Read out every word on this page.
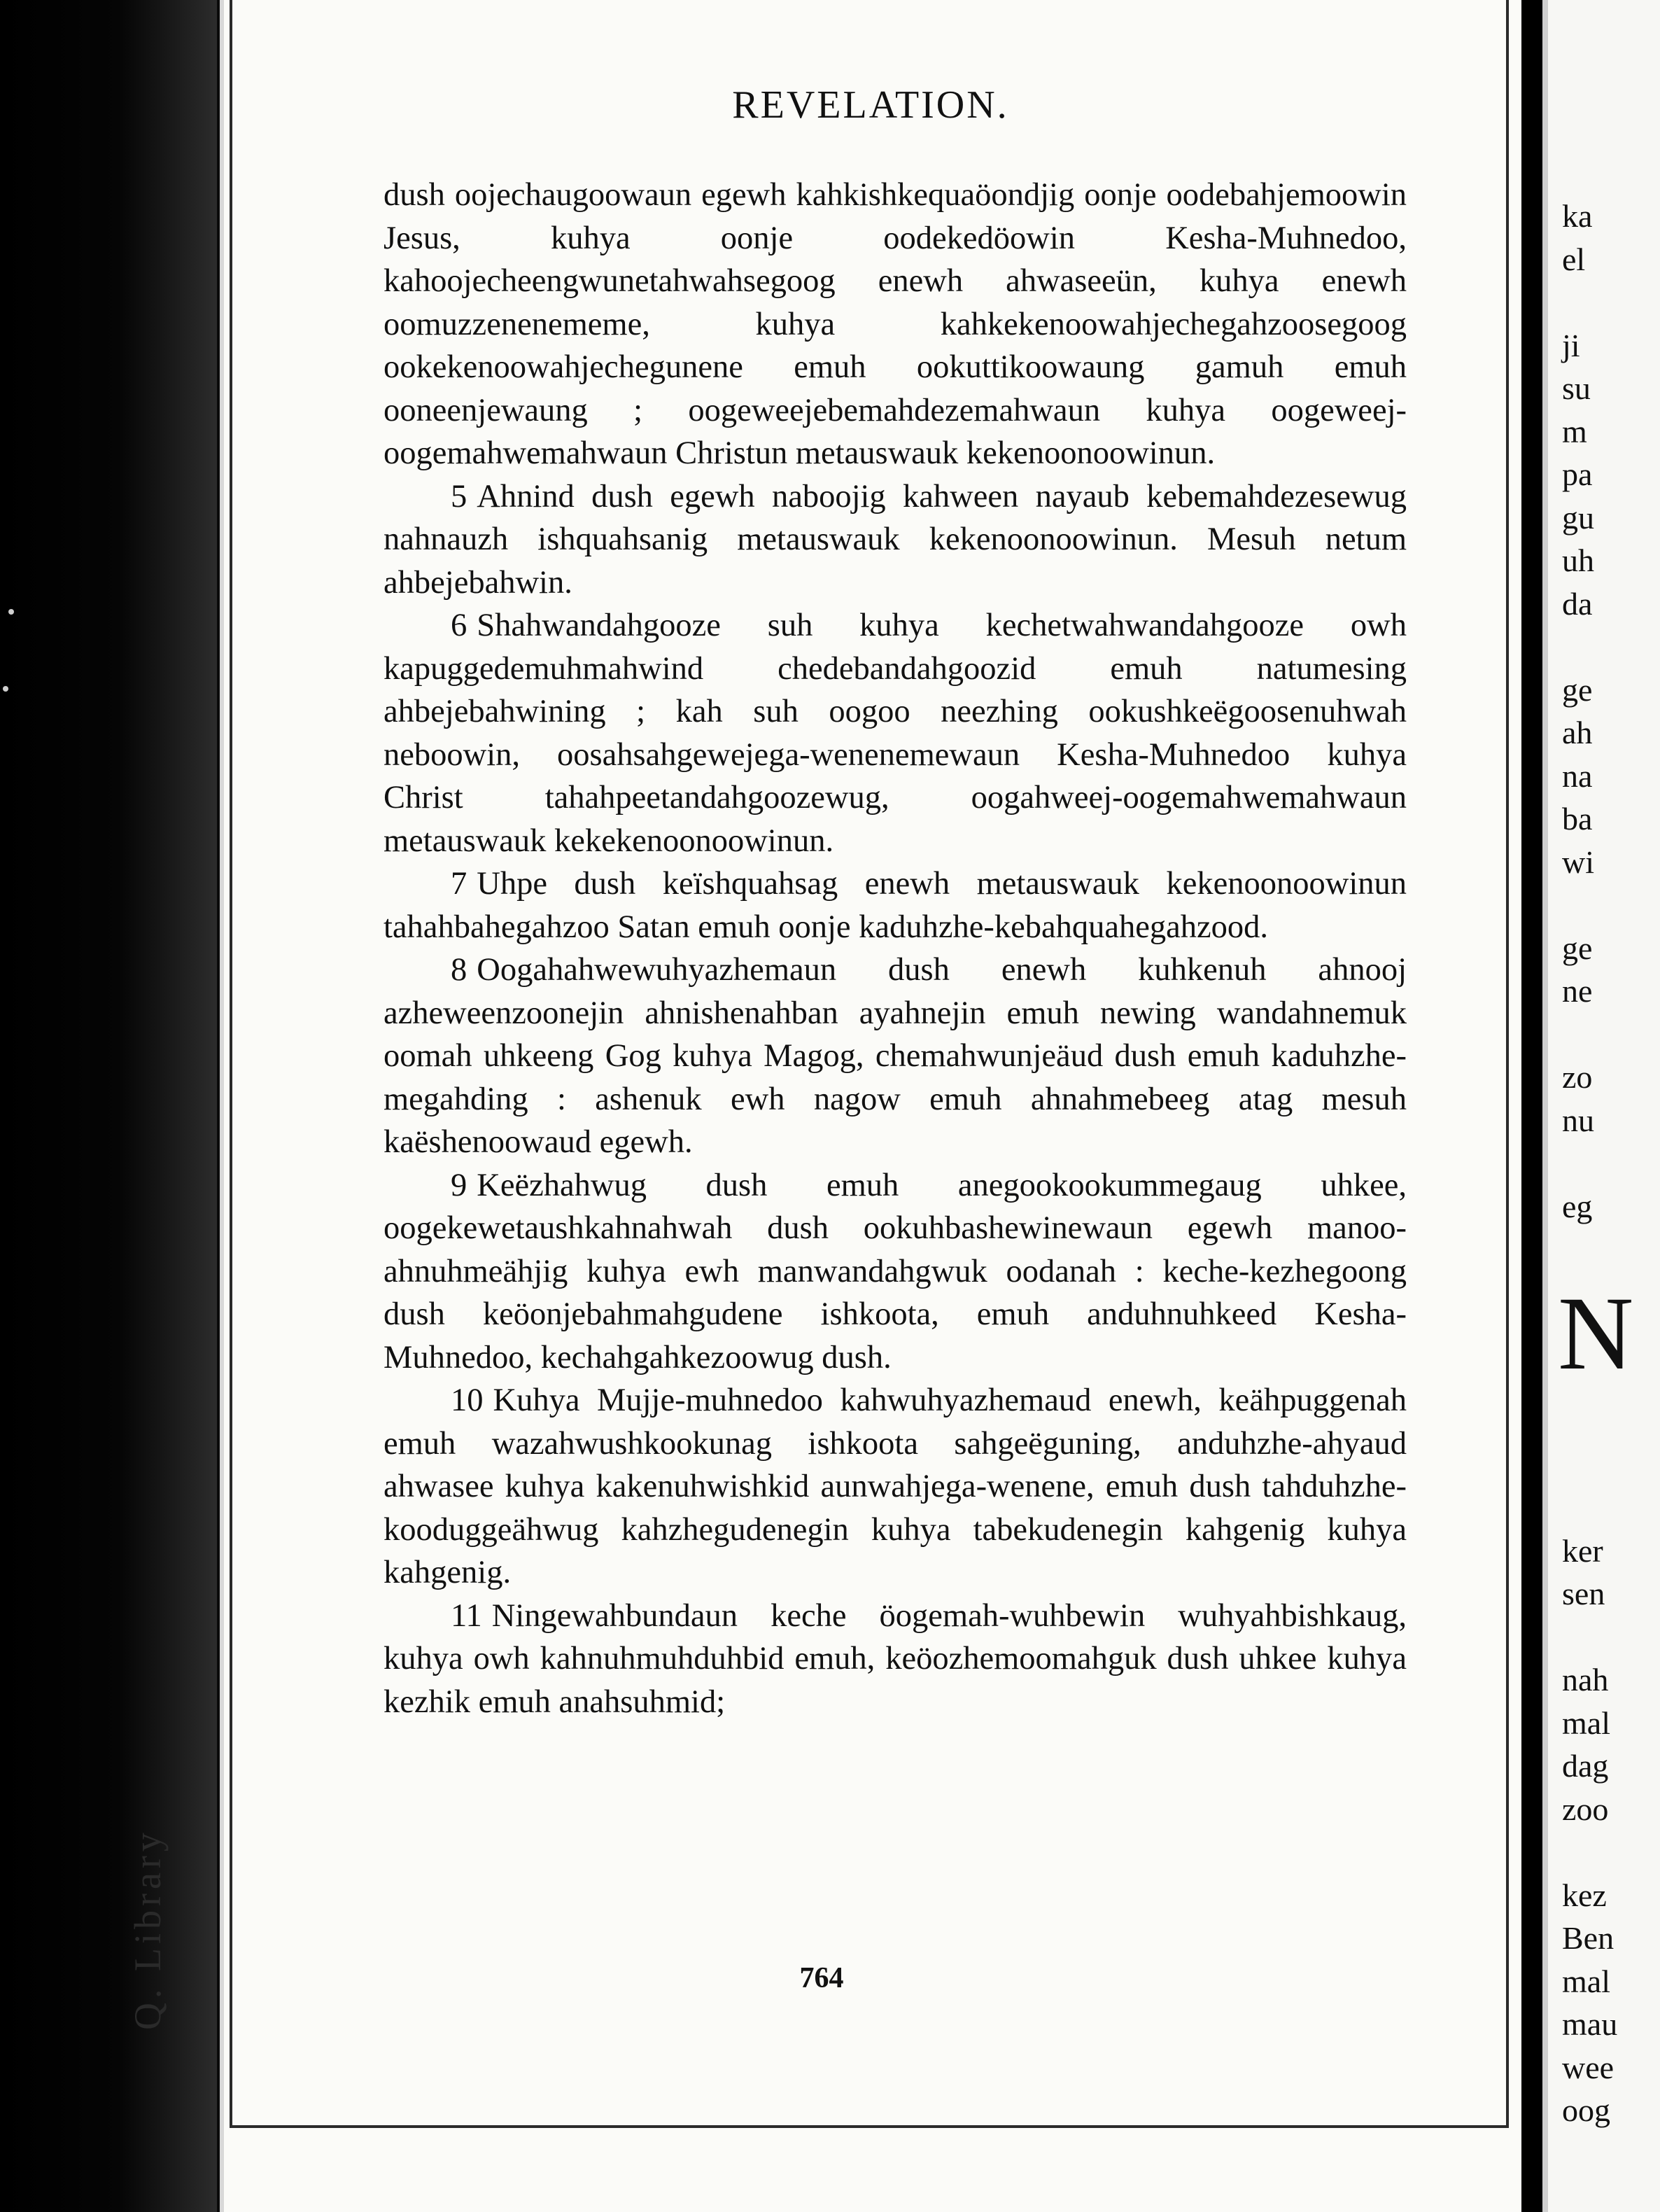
Q. Library
REVELATION.

dush oojechaugoowaun egewh kahkishkequaöondjig oonje oodebahjemoowin Jesus, kuhya oonje oodekedöowin Kesha-Muhnedoo, kahoojecheengwunetahwahsegoog enewh ahwaseeün, kuhya enewh oomuzzenenememe, kuhya kahkekenoowahjechegahzoosegoog ookekenoowahjechegunene emuh ookuttikoowaung gamuh emuh ooneenjewaung ; oogeweejebemahdezemahwaun kuhya oogeweej-oogemahwemahwaun Christun metauswauk kekenoonoowinun.

5 Ahnind dush egewh naboojig kahween nayaub kebemahdezesewug nahnauzh ishquahsanig metauswauk kekenoonoowinun. Mesuh netum ahbejebahwin.

6 Shahwandahgooze suh kuhya kechetwahwandahgooze owh kapuggedemuhmahwind chedebandahgoozid emuh natumesing ahbejebahwining ; kah suh oogoo neezhing ookushkeëgoosenuhwah neboowin, oosahsahgewejega-wenenemewaun Kesha-Muhnedoo kuhya Christ tahahpeetandahgoozewug, oogahweej-oogemahwemahwaun metauswauk kekekenoonoowinun.

7 Uhpe dush keïshquahsag enewh metauswauk kekenoonoowinun tahahbahegahzoo Satan emuh oonje kaduhzhe-kebahquahegahzood.

8 Oogahahwewuhyazhemaun dush enewh kuhkenuh ahnooj azheweenzoonejin ahnishenahban ayahnejin emuh newing wandahnemuk oomah uhkeeng Gog kuhya Magog, chemahwunjeäud dush emuh kaduhzhe-megahding : ashenuk ewh nagow emuh ahnahmebeeg atag mesuh kaëshenoowaud egewh.

9 Keëzhahwug dush emuh anegookookummegaug uhkee, oogekewetaushkahnahwah dush ookuhbashewinewaun egewh manoo-ahnuhmeähjig kuhya ewh manwandahgwuk oodanah : keche-kezhegoong dush keöonjebahmahgudene ishkoota, emuh anduhnuhkeed Kesha-Muhnedoo, kechahgahkezoowug dush.

10 Kuhya Mujje-muhnedoo kahwuhyazhemaud enewh, keähpuggenah emuh wazahwushkookunag ishkoota sahgeëguning, anduhzhe-ahyaud ahwasee kuhya kakenuhwishkid aunwahjega-wenene, emuh dush tahduhzhe-kooduggeähwug kahzhegudenegin kuhya tabekudenegin kahgenig kuhya kahgenig.

11 Ningewahbundaun keche öogemah-wuhbewin wuhyahbishkaug, kuhya owh kahnuhmuhduhbid emuh, keöozhemoomahguk dush uhkee kuhya kezhik emuh anahsuhmid;

764
ka
el

ji
su
m
pa
gu
uh
da

ge
ah
na
ba
wi

ge
ne

zo
nu

eg

ker
sen

nah
mal
dag
zoo

kez
Ben
mal
mau
wee
oog
N
